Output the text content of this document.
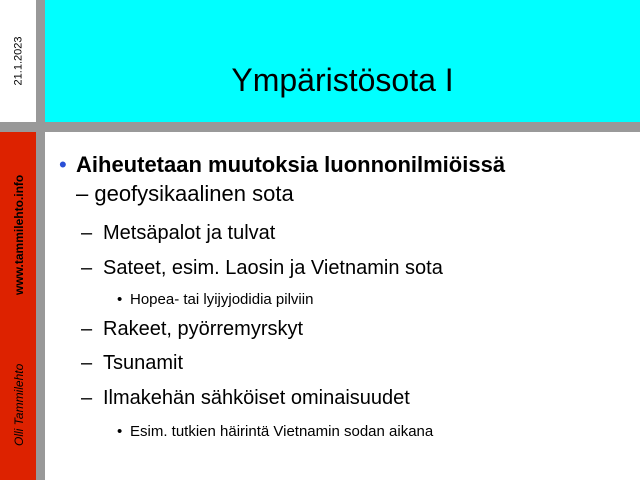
21.1.2023	Ympäristösota I
www.tammilehto.info
Olli Tammilehto
• Aiheutetaan muutoksia luonnonilmiöissä
– geofysikaalinen sota
– Metsäpalot ja tulvat
– Sateet, esim. Laosin ja Vietnamin sota
• Hopea- tai lyijyjodidia pilviin
– Rakeet, pyörremyrskyt
– Tsunamit
– Ilmakehän sähköiset ominaisuudet
• Esim. tutkien häirintä Vietnamin sodan aikana
